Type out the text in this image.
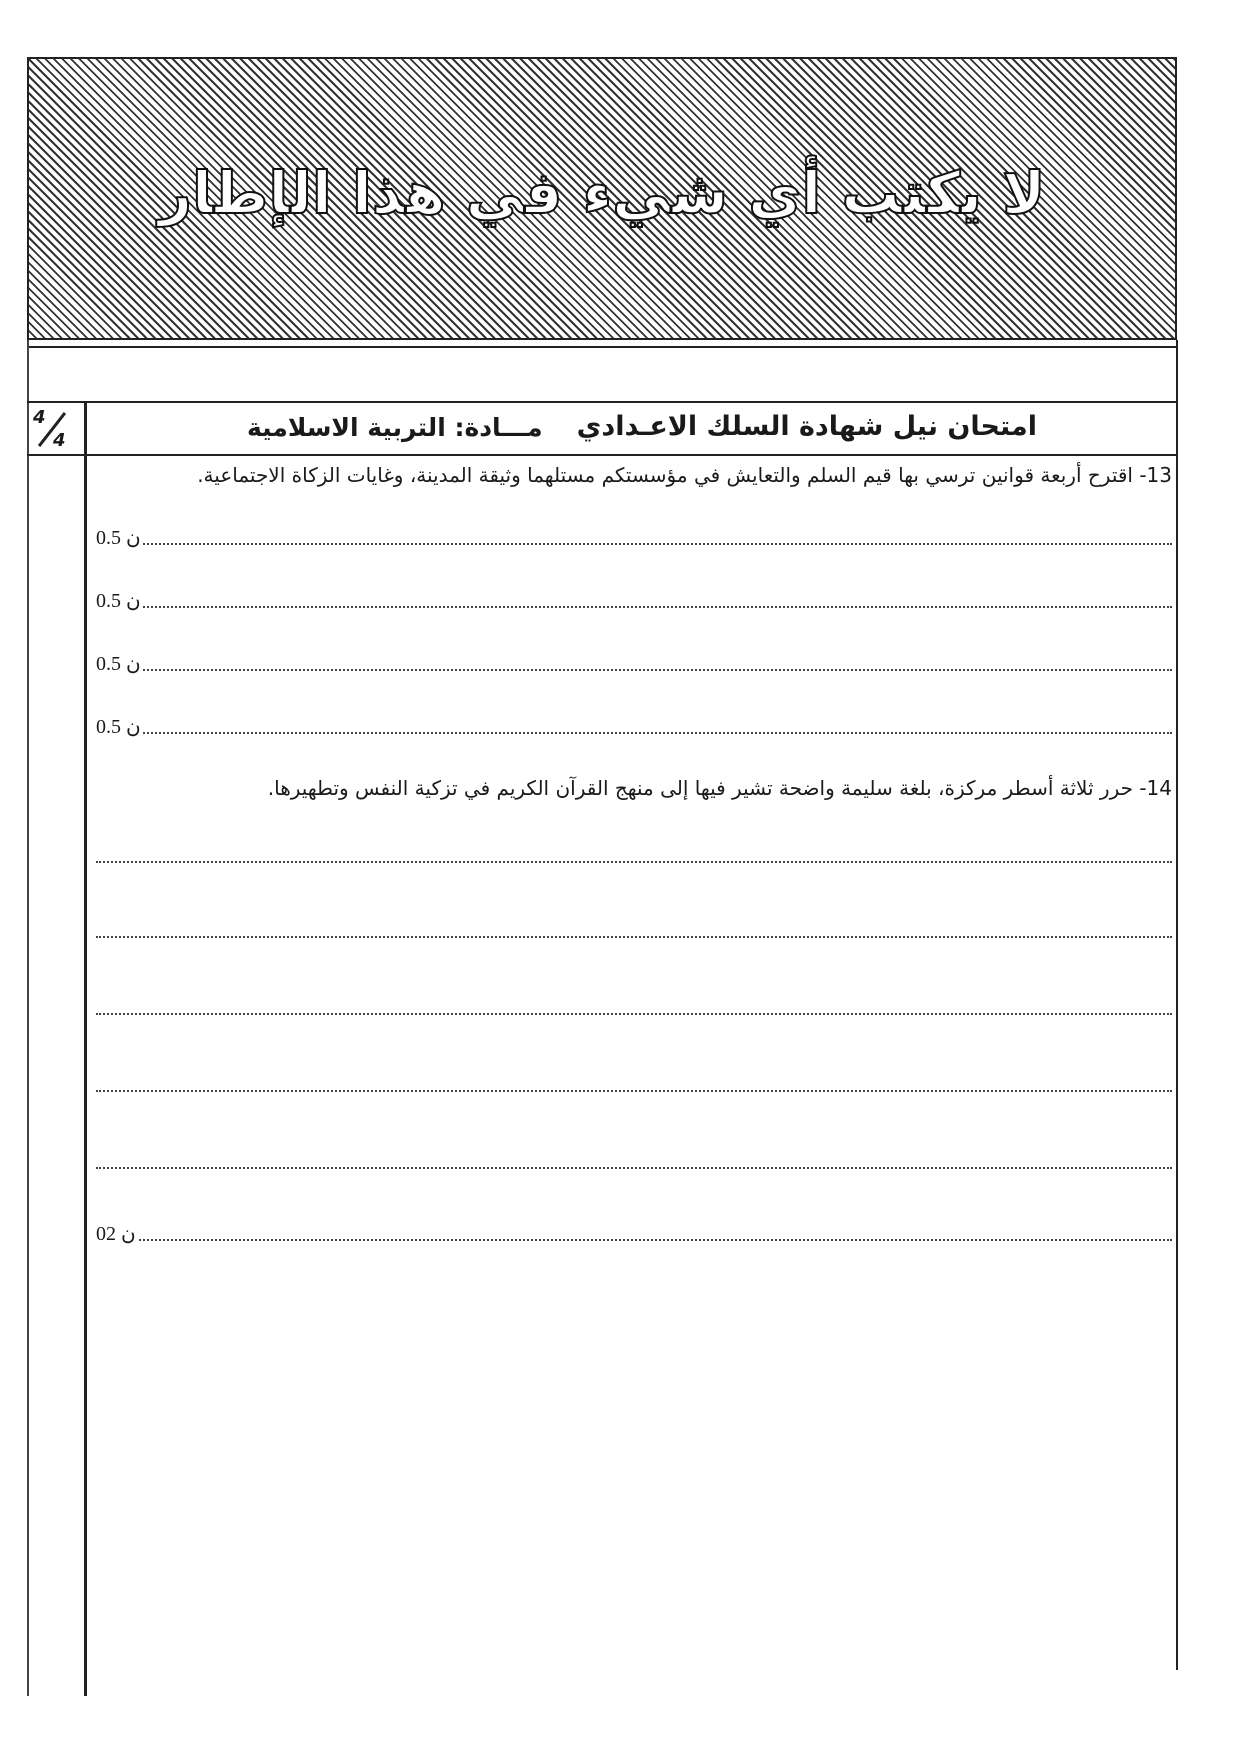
لا يكتب أي شيء في هذا الإطار
4
4	امتحان نيل شهادة السلك الاعـدادي
مـــادة: التربية الاسلامية
13- اقترح أربعة قوانين ترسي بها قيم السلم والتعايش في مؤسستكم مستلهما وثيقة المدينة، وغايات الزكاة الاجتماعية.
0.5 ن
0.5 ن
0.5 ن
0.5 ن
14- حرر ثلاثة أسطر مركزة، بلغة سليمة واضحة تشير فيها إلى منهج القرآن الكريم في تزكية النفس وتطهيرها.
02 ن
